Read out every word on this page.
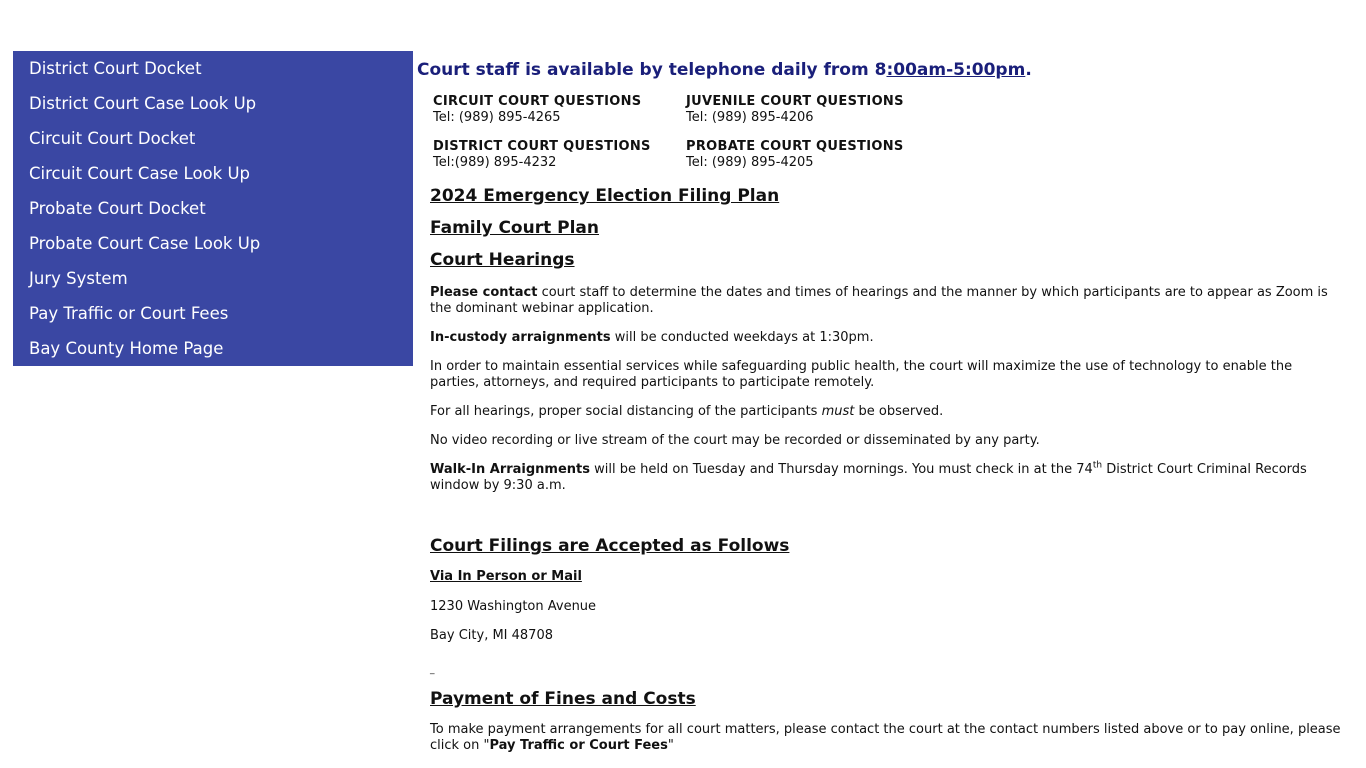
District Court Docket
District Court Case Look Up
Circuit Court Docket
Circuit Court Case Look Up
Probate Court Docket
Probate Court Case Look Up
Jury System
Pay Traffic or Court Fees
Bay County Home Page
Court staff is available by telephone daily from 8:00am-5:00pm.
CIRCUIT COURT QUESTIONS
Tel: (989) 895-4265
JUVENILE COURT QUESTIONS
Tel: (989) 895-4206
DISTRICT COURT QUESTIONS
Tel:(989) 895-4232
PROBATE COURT QUESTIONS
Tel: (989) 895-4205
2024 Emergency Election Filing Plan
Family Court Plan
Court Hearings

Please contact court staff to determine the dates and times of hearings and the manner by which participants are to appear as Zoom is the dominant webinar application.

In-custody arraignments will be conducted weekdays at 1:30pm.

In order to maintain essential services while safeguarding public health, the court will maximize the use of technology to enable the parties, attorneys, and required participants to participate remotely.

For all hearings, proper social distancing of the participants must be observed.

No video recording or live stream of the court may be recorded or disseminated by any party.

Walk-In Arraignments will be held on Tuesday and Thursday mornings. You must check in at the 74th District Court Criminal Records window by 9:30 a.m.

Court Filings are Accepted as Follows

Via In Person or Mail

1230 Washington Avenue

Bay City, MI 48708

_

Payment of Fines and Costs

To make payment arrangements for all court matters, please contact the court at the contact numbers listed above or to pay online, please click on "Pay Traffic or Court Fees"
